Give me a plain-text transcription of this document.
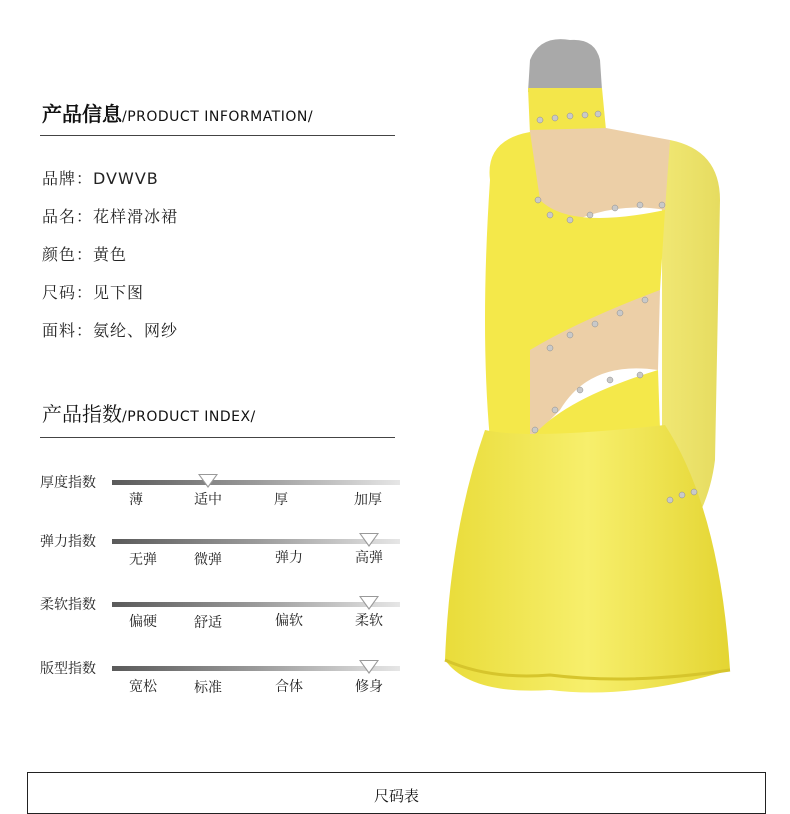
产品信息/PRODUCT INFORMATION/
品牌：DVWVB
品名：花样滑冰裙
颜色：黄色
尺码：见下图
面料：氨纶、网纱
产品指数/PRODUCT INDEX/
厚度指数
薄	适中	厚	加厚
弹力指数
无弹	微弹	弹力	高弹
柔软指数
偏硬	舒适	偏软	柔软
版型指数
宽松	标准	合体	修身
尺码表
